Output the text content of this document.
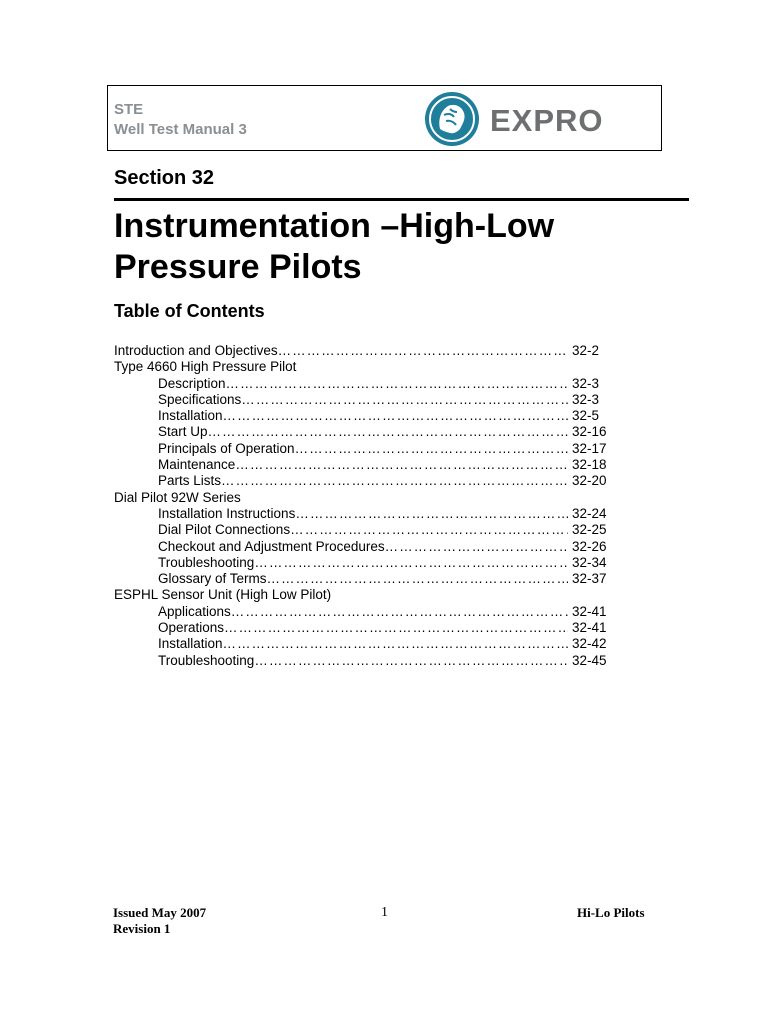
STE
Well Test Manual 3	EXPRO
Section 32
Instrumentation –High-Low
Pressure Pilots
Table of Contents
Introduction and Objectives ……………………………………………………………………………………………………………………………………	32-2
Type 4660 High Pressure Pilot
Description ……………………………………………………………………………………………………………………………………	32-3
Specifications ……………………………………………………………………………………………………………………………………	32-3
Installation ……………………………………………………………………………………………………………………………………	32-5
Start Up ……………………………………………………………………………………………………………………………………	32-16
Principals of Operation ……………………………………………………………………………………………………………………………………	32-17
Maintenance ……………………………………………………………………………………………………………………………………	32-18
Parts Lists ……………………………………………………………………………………………………………………………………	32-20
Dial Pilot 92W Series
Installation Instructions ……………………………………………………………………………………………………………………………………	32-24
Dial Pilot Connections ……………………………………………………………………………………………………………………………………	32-25
Checkout and Adjustment Procedures ……………………………………………………………………………………………………………………………………	32-26
Troubleshooting ……………………………………………………………………………………………………………………………………	32-34
Glossary of Terms ……………………………………………………………………………………………………………………………………	32-37
ESPHL Sensor Unit (High Low Pilot)
Applications ……………………………………………………………………………………………………………………………………	32-41
Operations ……………………………………………………………………………………………………………………………………	32-41
Installation ……………………………………………………………………………………………………………………………………	32-42
Troubleshooting ……………………………………………………………………………………………………………………………………	32-45
Issued May 2007
Revision 1
1	Hi-Lo Pilots
